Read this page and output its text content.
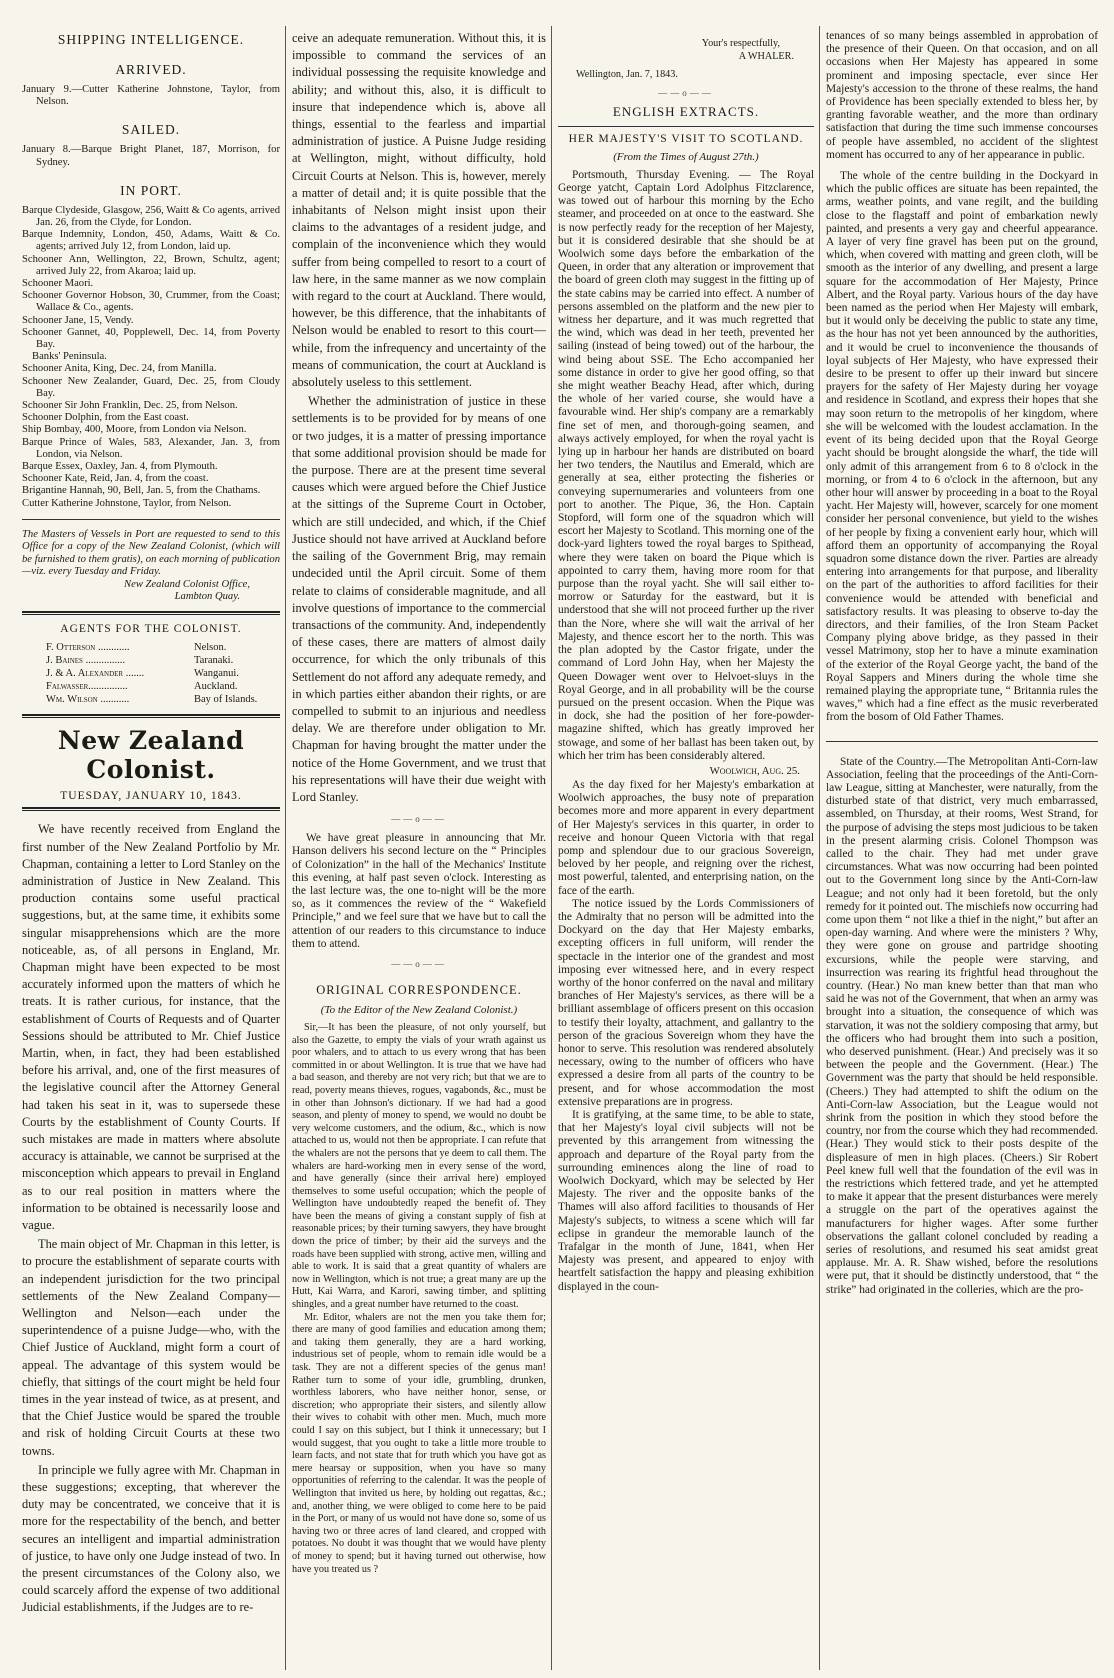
SHIPPING INTELLIGENCE.
ARRIVED.
January 9.—Cutter Katherine Johnstone, Taylor, from Nelson.
SAILED.
January 8.—Barque Bright Planet, 187, Morrison, for Sydney.
IN PORT.
Barque Clydeside, Glasgow, 256, Waitt & Co agents, arrived Jan. 26, from the Clyde, for London.
Barque Indemnity, London, 450, Adams, Waitt & Co. agents; arrived July 12, from London, laid up.
Schooner Ann, Wellington, 22, Brown, Schultz, agent; arrived July 22, from Akaroa; laid up.
Schooner Maori.
Schooner Governor Hobson, 30, Crummer, from the Coast; Wallace & Co., agents.
Schooner Jane, 15, Vendy.
Schooner Gannet, 40, Popplewell, Dec. 14, from Poverty Bay.
Banks' Peninsula.
Schooner Anita, King, Dec. 24, from Manilla.
Schooner New Zealander, Guard, Dec. 25, from Cloudy Bay.
Schooner Sir John Franklin, Dec. 25, from Nelson.
Schooner Dolphin, from the East coast.
Ship Bombay, 400, Moore, from London via Nelson.
Barque Prince of Wales, 583, Alexander, Jan. 3, from London, via Nelson.
Barque Essex, Oaxley, Jan. 4, from Plymouth.
Schooner Kate, Reid, Jan. 4, from the coast.
Brigantine Hannah, 90, Bell, Jan. 5, from the Chathams.
Cutter Katherine Johnstone, Taylor, from Nelson.

The Masters of Vessels in Port are requested to send to this Office for a copy of the New Zealand Colonist, (which will be furnished to them gratis), on each morning of publication—viz. every Tuesday and Friday.

New Zealand Colonist Office,

Lambton Quay.

AGENTS FOR THE COLONIST.
F. Otterson ............	Nelson.
J. Baines ...............	Taranaki.
J. & A. Alexander .......	Wanganui.
Falwasser...............	Auckland.
Wm. Wilson ...........	Bay of Islands.
New Zealand Colonist.
TUESDAY, JANUARY 10, 1843.

We have recently received from England the first number of the New Zealand Portfolio by Mr. Chapman, containing a letter to Lord Stanley on the administration of Justice in New Zealand. This production contains some useful practical suggestions, but, at the same time, it exhibits some singular misapprehensions which are the more noticeable, as, of all persons in England, Mr. Chapman might have been expected to be most accurately informed upon the matters of which he treats. It is rather curious, for instance, that the establishment of Courts of Requests and of Quarter Sessions should be attributed to Mr. Chief Justice Martin, when, in fact, they had been established before his arrival, and, one of the first measures of the legislative council after the Attorney General had taken his seat in it, was to supersede these Courts by the establishment of County Courts. If such mistakes are made in matters where absolute accuracy is attainable, we cannot be surprised at the misconception which appears to prevail in England as to our real position in matters where the information to be obtained is necessarily loose and vague.

The main object of Mr. Chapman in this letter, is to procure the establishment of separate courts with an independent jurisdiction for the two principal settlements of the New Zealand Company—Wellington and Nelson—each under the superintendence of a puisne Judge—who, with the Chief Justice of Auckland, might form a court of appeal. The advantage of this system would be chiefly, that sittings of the court might be held four times in the year instead of twice, as at present, and that the Chief Justice would be spared the trouble and risk of holding Circuit Courts at these two towns.

In principle we fully agree with Mr. Chapman in these suggestions; excepting, that wherever the duty may be concentrated, we conceive that it is more for the respectability of the bench, and better secures an intelligent and impartial administration of justice, to have only one Judge instead of two. In the present circumstances of the Colony also, we could scarcely afford the expense of two additional Judicial establishments, if the Judges are to re-

ceive an adequate remuneration. Without this, it is impossible to command the services of an individual possessing the requisite knowledge and ability; and without this, also, it is difficult to insure that independence which is, above all things, essential to the fearless and impartial administration of justice. A Puisne Judge residing at Wellington, might, without difficulty, hold Circuit Courts at Nelson. This is, however, merely a matter of detail and; it is quite possible that the inhabitants of Nelson might insist upon their claims to the advantages of a resident judge, and complain of the inconvenience which they would suffer from being compelled to resort to a court of law here, in the same manner as we now complain with regard to the court at Auckland. There would, however, be this difference, that the inhabitants of Nelson would be enabled to resort to this court—while, from the infrequency and uncertainty of the means of communication, the court at Auckland is absolutely useless to this settlement.

Whether the administration of justice in these settlements is to be provided for by means of one or two judges, it is a matter of pressing importance that some additional provision should be made for the purpose. There are at the present time several causes which were argued before the Chief Justice at the sittings of the Supreme Court in October, which are still undecided, and which, if the Chief Justice should not have arrived at Auckland before the sailing of the Government Brig, may remain undecided until the April circuit. Some of them relate to claims of considerable magnitude, and all involve questions of importance to the commercial transactions of the community. And, independently of these cases, there are matters of almost daily occurrence, for which the only tribunals of this Settlement do not afford any adequate remedy, and in which parties either abandon their rights, or are compelled to submit to an injurious and needless delay. We are therefore under obligation to Mr. Chapman for having brought the matter under the notice of the Home Government, and we trust that his representations will have their due weight with Lord Stanley.

——o——

We have great pleasure in announcing that Mr. Hanson delivers his second lecture on the “ Principles of Colonization” in the hall of the Mechanics' Institute this evening, at half past seven o'clock. Interesting as the last lecture was, the one to-night will be the more so, as it commences the review of the “ Wakefield Principle,” and we feel sure that we have but to call the attention of our readers to this circumstance to induce them to attend.

——o——
ORIGINAL CORRESPONDENCE.
(To the Editor of the New Zealand Colonist.)

Sir,—It has been the pleasure, of not only yourself, but also the Gazette, to empty the vials of your wrath against us poor whalers, and to attach to us every wrong that has been committed in or about Wellington. It is true that we have had a bad season, and thereby are not very rich; but that we are to read, poverty means thieves, rogues, vagabonds, &c., must be in other than Johnson's dictionary. If we had had a good season, and plenty of money to spend, we would no doubt be very welcome customers, and the odium, &c., which is now attached to us, would not then be appropriate. I can refute that the whalers are not the persons that ye deem to call them. The whalers are hard-working men in every sense of the word, and have generally (since their arrival here) employed themselves to some useful occupation; which the people of Wellington have undoubtedly reaped the benefit of. They have been the means of giving a constant supply of fish at reasonable prices; by their turning sawyers, they have brought down the price of timber; by their aid the surveys and the roads have been supplied with strong, active men, willing and able to work. It is said that a great quantity of whalers are now in Wellington, which is not true; a great many are up the Hutt, Kai Warra, and Karori, sawing timber, and splitting shingles, and a great number have returned to the coast.

Mr. Editor, whalers are not the men you take them for; there are many of good families and education among them; and taking them generally, they are a hard working, industrious set of people, whom to remain idle would be a task. They are not a different species of the genus man! Rather turn to some of your idle, grumbling, drunken, worthless laborers, who have neither honor, sense, or discretion; who appropriate their sisters, and silently allow their wives to cohabit with other men. Much, much more could I say on this subject, but I think it unnecessary; but I would suggest, that you ought to take a little more trouble to learn facts, and not state that for truth which you have got as mere hearsay or supposition, when you have so many opportunities of referring to the calendar. It was the people of Wellington that invited us here, by holding out regattas, &c.; and, another thing, we were obliged to come here to be paid in the Port, or many of us would not have done so, some of us having two or three acres of land cleared, and cropped with potatoes. No doubt it was thought that we would have plenty of money to spend; but it having turned out otherwise, how have you treated us ?

Your's respectfully,

A WHALER.

Wellington, Jan. 7, 1843.

——o——
ENGLISH EXTRACTS.
HER MAJESTY'S VISIT TO SCOTLAND.
(From the Times of August 27th.)

Portsmouth, Thursday Evening. — The Royal George yatcht, Captain Lord Adolphus Fitzclarence, was towed out of harbour this morning by the Echo steamer, and proceeded on at once to the eastward. She is now perfectly ready for the reception of her Majesty, but it is considered desirable that she should be at Woolwich some days before the embarkation of the Queen, in order that any alteration or improvement that the board of green cloth may suggest in the fitting up of the state cabins may be carried into effect. A number of persons assembled on the platform and the new pier to witness her departure, and it was much regretted that the wind, which was dead in her teeth, prevented her sailing (instead of being towed) out of the harbour, the wind being about SSE. The Echo accompanied her some distance in order to give her good offing, so that she might weather Beachy Head, after which, during the whole of her varied course, she would have a favourable wind. Her ship's company are a remarkably fine set of men, and thorough-going seamen, and always actively employed, for when the royal yacht is lying up in harbour her hands are distributed on board her two tenders, the Nautilus and Emerald, which are generally at sea, either protecting the fisheries or conveying supernumeraries and volunteers from one port to another. The Pique, 36, the Hon. Captain Stopford, will form one of the squadron which will escort her Majesty to Scotland. This morning one of the dock-yard lighters towed the royal barges to Spithead, where they were taken on board the Pique which is appointed to carry them, having more room for that purpose than the royal yacht. She will sail either to-morrow or Saturday for the eastward, but it is understood that she will not proceed further up the river than the Nore, where she will wait the arrival of her Majesty, and thence escort her to the north. This was the plan adopted by the Castor frigate, under the command of Lord John Hay, when her Majesty the Queen Dowager went over to Helvoet-sluys in the Royal George, and in all probability will be the course pursued on the present occasion. When the Pique was in dock, she had the position of her fore-powder-magazine shifted, which has greatly improved her stowage, and some of her ballast has been taken out, by which her trim has been considerably altered.

Woolwich, Aug. 25.

As the day fixed for her Majesty's embarkation at Woolwich approaches, the busy note of preparation becomes more and more apparent in every department of Her Majesty's services in this quarter, in order to receive and honour Queen Victoria with that regal pomp and splendour due to our gracious Sovereign, beloved by her people, and reigning over the richest, most powerful, talented, and enterprising nation, on the face of the earth.

The notice issued by the Lords Commissioners of the Admiralty that no person will be admitted into the Dockyard on the day that Her Majesty embarks, excepting officers in full uniform, will render the spectacle in the interior one of the grandest and most imposing ever witnessed here, and in every respect worthy of the honor conferred on the naval and military branches of Her Majesty's services, as there will be a brilliant assemblage of officers present on this occasion to testify their loyalty, attachment, and gallantry to the person of the gracious Sovereign whom they have the honor to serve. This resolution was rendered absolutely necessary, owing to the number of officers who have expressed a desire from all parts of the country to be present, and for whose accommodation the most extensive preparations are in progress.

It is gratifying, at the same time, to be able to state, that her Majesty's loyal civil subjects will not be prevented by this arrangement from witnessing the approach and departure of the Royal party from the surrounding eminences along the line of road to Woolwich Dockyard, which may be selected by Her Majesty. The river and the opposite banks of the Thames will also afford facilities to thousands of Her Majesty's subjects, to witness a scene which will far eclipse in grandeur the memorable launch of the Trafalgar in the month of June, 1841, when Her Majesty was present, and appeared to enjoy with heartfelt satisfaction the happy and pleasing exhibition displayed in the coun-

tenances of so many beings assembled in approbation of the presence of their Queen. On that occasion, and on all occasions when Her Majesty has appeared in some prominent and imposing spectacle, ever since Her Majesty's accession to the throne of these realms, the hand of Providence has been specially extended to bless her, by granting favorable weather, and the more than ordinary satisfaction that during the time such immense concourses of people have assembled, no accident of the slightest moment has occurred to any of her appearance in public.

The whole of the centre building in the Dockyard in which the public offices are situate has been repainted, the arms, weather points, and vane regilt, and the building close to the flagstaff and point of embarkation newly painted, and presents a very gay and cheerful appearance. A layer of very fine gravel has been put on the ground, which, when covered with matting and green cloth, will be smooth as the interior of any dwelling, and present a large square for the accommodation of Her Majesty, Prince Albert, and the Royal party. Various hours of the day have been named as the period when Her Majesty will embark, but it would only be deceiving the public to state any time, as the hour has not yet been announced by the authorities, and it would be cruel to inconvenience the thousands of loyal subjects of Her Majesty, who have expressed their desire to be present to offer up their inward but sincere prayers for the safety of Her Majesty during her voyage and residence in Scotland, and express their hopes that she may soon return to the metropolis of her kingdom, where she will be welcomed with the loudest acclamation. In the event of its being decided upon that the Royal George yacht should be brought alongside the wharf, the tide will only admit of this arrangement from 6 to 8 o'clock in the morning, or from 4 to 6 o'clock in the afternoon, but any other hour will answer by proceeding in a boat to the Royal yacht. Her Majesty will, however, scarcely for one moment consider her personal convenience, but yield to the wishes of her people by fixing a convenient early hour, which will afford them an opportunity of accompanying the Royal squadron some distance down the river. Parties are already entering into arrangements for that purpose, and liberality on the part of the authorities to afford facilities for their convenience would be attended with beneficial and satisfactory results. It was pleasing to observe to-day the directors, and their families, of the Iron Steam Packet Company plying above bridge, as they passed in their vessel Matrimony, stop her to have a minute examination of the exterior of the Royal George yacht, the band of the Royal Sappers and Miners during the whole time she remained playing the appropriate tune, “ Britannia rules the waves,” which had a fine effect as the music reverberated from the bosom of Old Father Thames.

State of the Country.—The Metropolitan Anti-Corn-law Association, feeling that the proceedings of the Anti-Corn-law League, sitting at Manchester, were naturally, from the disturbed state of that district, very much embarrassed, assembled, on Thursday, at their rooms, West Strand, for the purpose of advising the steps most judicious to be taken in the present alarming crisis. Colonel Thompson was called to the chair. They had met under grave circumstances. What was now occurring had been pointed out to the Government long since by the Anti-Corn-law League; and not only had it been foretold, but the only remedy for it pointed out. The mischiefs now occurring had come upon them “ not like a thief in the night,” but after an open-day warning. And where were the ministers ? Why, they were gone on grouse and partridge shooting excursions, while the people were starving, and insurrection was rearing its frightful head throughout the country. (Hear.) No man knew better than that man who said he was not of the Government, that when an army was brought into a situation, the consequence of which was starvation, it was not the soldiery composing that army, but the officers who had brought them into such a position, who deserved punishment. (Hear.) And precisely was it so between the people and the Government. (Hear.) The Government was the party that should be held responsible. (Cheers.) They had attempted to shift the odium on the Anti-Corn-law Association, but the League would not shrink from the position in which they stood before the country, nor from the course which they had recommended. (Hear.) They would stick to their posts despite of the displeasure of men in high places. (Cheers.) Sir Robert Peel knew full well that the foundation of the evil was in the restrictions which fettered trade, and yet he attempted to make it appear that the present disturbances were merely a struggle on the part of the operatives against the manufacturers for higher wages. After some further observations the gallant colonel concluded by reading a series of resolutions, and resumed his seat amidst great applause. Mr. A. R. Shaw wished, before the resolutions were put, that it should be distinctly understood, that “ the strike” had originated in the colleries, which are the pro-
